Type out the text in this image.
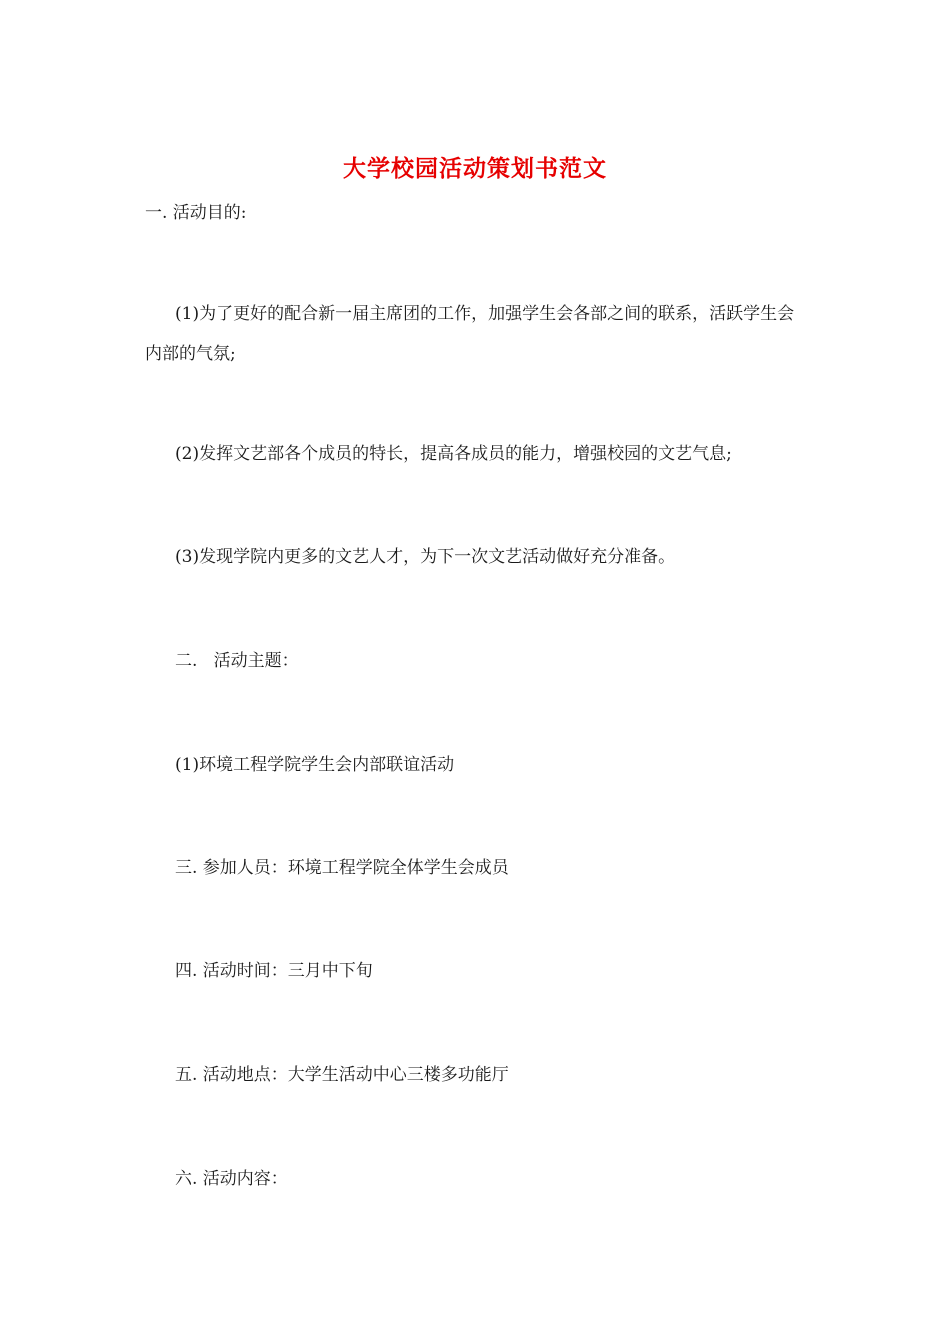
大学校园活动策划书范文
一. 活动目的:
(1)为了更好的配合新一届主席团的工作，加强学生会各部之间的联系，活跃学生会内部的气氛;
(2)发挥文艺部各个成员的特长，提高各成员的能力，增强校园的文艺气息;
(3)发现学院内更多的文艺人才，为下一次文艺活动做好充分准备。
二.   活动主题：
(1)环境工程学院学生会内部联谊活动
三. 参加人员：环境工程学院全体学生会成员
四. 活动时间：三月中下旬
五. 活动地点：大学生活动中心三楼多功能厅
六. 活动内容：
